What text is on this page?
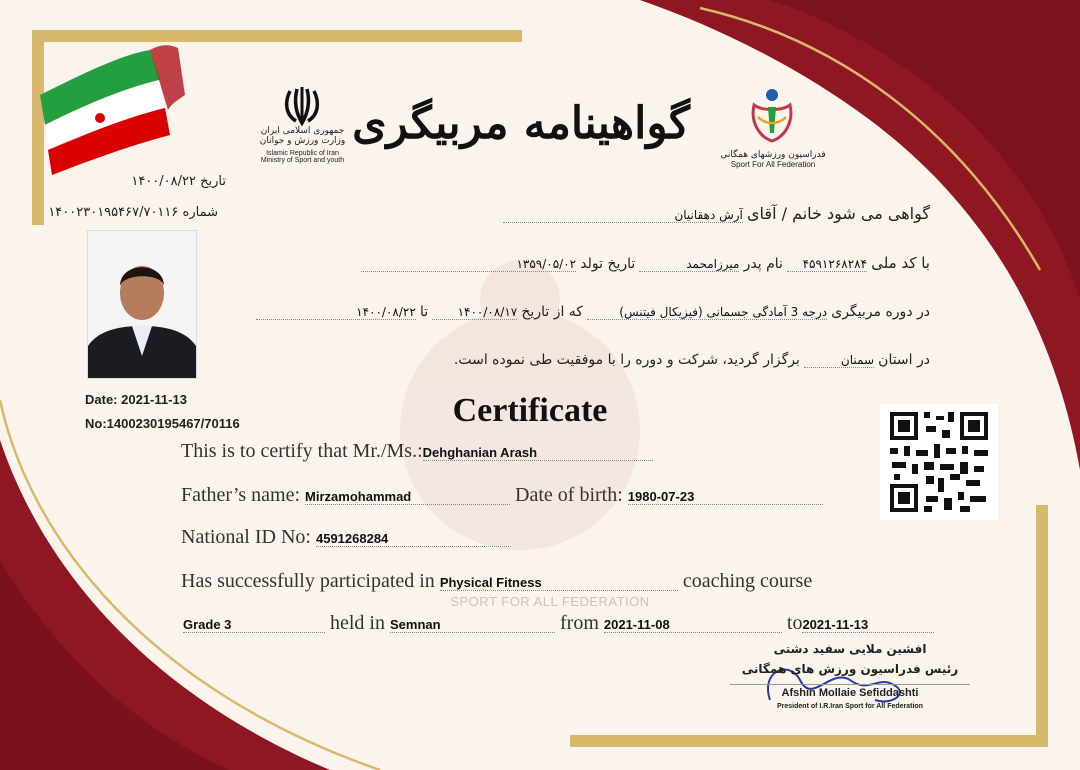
گواهینامه مربیگری
جمهوری اسلامی ایران
وزارت ورزش و جوانان
Islamic Republic of Iran
Ministry of Sport and youth
فدراسیون ورزشهای همگانی
Sport For All Federation
تاریخ ۱۴۰۰/۰۸/۲۲
شماره ۱۴۰۰۲۳۰۱۹۵۴۶۷/۷۰۱۱۶
Date: 2021-11-13
No:1400230195467/70116
گواهی می شود خانم / آقای آرش دهقانیان
با کد ملی ۴۵۹۱۲۶۸۲۸۴ نام پدر میرزامحمد تاریخ تولد ۱۳۵۹/۰۵/۰۲
در دوره مربیگری درجه 3 آمادگی جسمانی (فیزیکال فیتنس) که از تاریخ ۱۴۰۰/۰۸/۱۷ تا ۱۴۰۰/۰۸/۲۲
در استان سمنان برگزار گردید، شرکت و دوره را با موفقیت طی نموده است.
Certificate
SPORT FOR ALL FEDERATION
This is to certify that Mr./Ms.:Dehghanian Arash
Father’s name: Mirzamohammad	Date of birth: 1980-07-23
National ID No: 4591268284
Has successfully participated in Physical Fitness	coaching course
Grade 3	held in Semnan	from 2021-11-08	to2021-11-13
افشین ملایی سفید دشتی
رئیس فدراسیون ورزش های همگانی
Afshin Mollaie Sefiddashti
President of I.R.Iran Sport for All Federation
